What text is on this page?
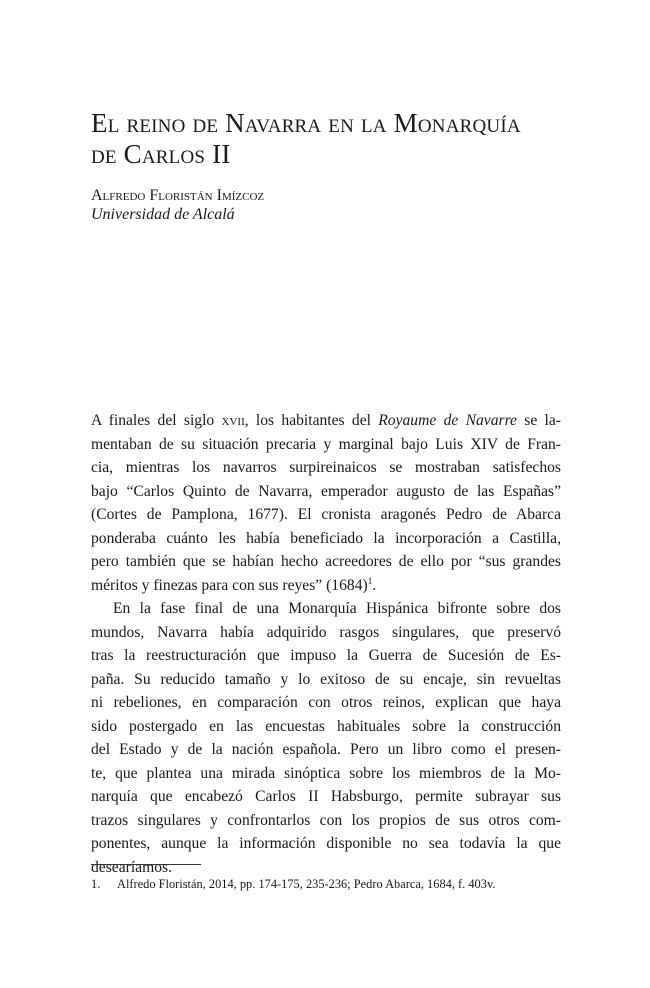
El reino de Navarra en la Monarquía
de Carlos II
Alfredo Floristán Imízcoz
Universidad de Alcalá
A finales del siglo xvii, los habitantes del Royaume de Navarre se la-
mentaban de su situación precaria y marginal bajo Luis XIV de Fran-
cia, mientras los navarros surpireinaicos se mostraban satisfechos
bajo “Carlos Quinto de Navarra, emperador augusto de las Españas”
(Cortes de Pamplona, 1677). El cronista aragonés Pedro de Abarca
ponderaba cuánto les había beneficiado la incorporación a Castilla,
pero también que se habían hecho acreedores de ello por “sus grandes
méritos y finezas para con sus reyes” $(1684)^1$.
En la fase final de una Monarquía Hispánica bifronte sobre dos
mundos, Navarra había adquirido rasgos singulares, que preservó
tras la reestructuración que impuso la Guerra de Sucesión de Es-
paña. Su reducido tamaño y lo exitoso de su encaje, sin revueltas
ni rebeliones, en comparación con otros reinos, explican que haya
sido postergado en las encuestas habituales sobre la construcción
del Estado y de la nación española. Pero un libro como el presen-
te, que plantea una mirada sinóptica sobre los miembros de la Mo-
narquía que encabezó Carlos II Habsburgo, permite subrayar sus
trazos singulares y confrontarlos con los propios de sus otros com-
ponentes, aunque la información disponible no sea todavía la que
desearíamos.
1. Alfredo Floristán, 2014, pp. 174-175, 235-236; Pedro Abarca, 1684, f. 403v.
